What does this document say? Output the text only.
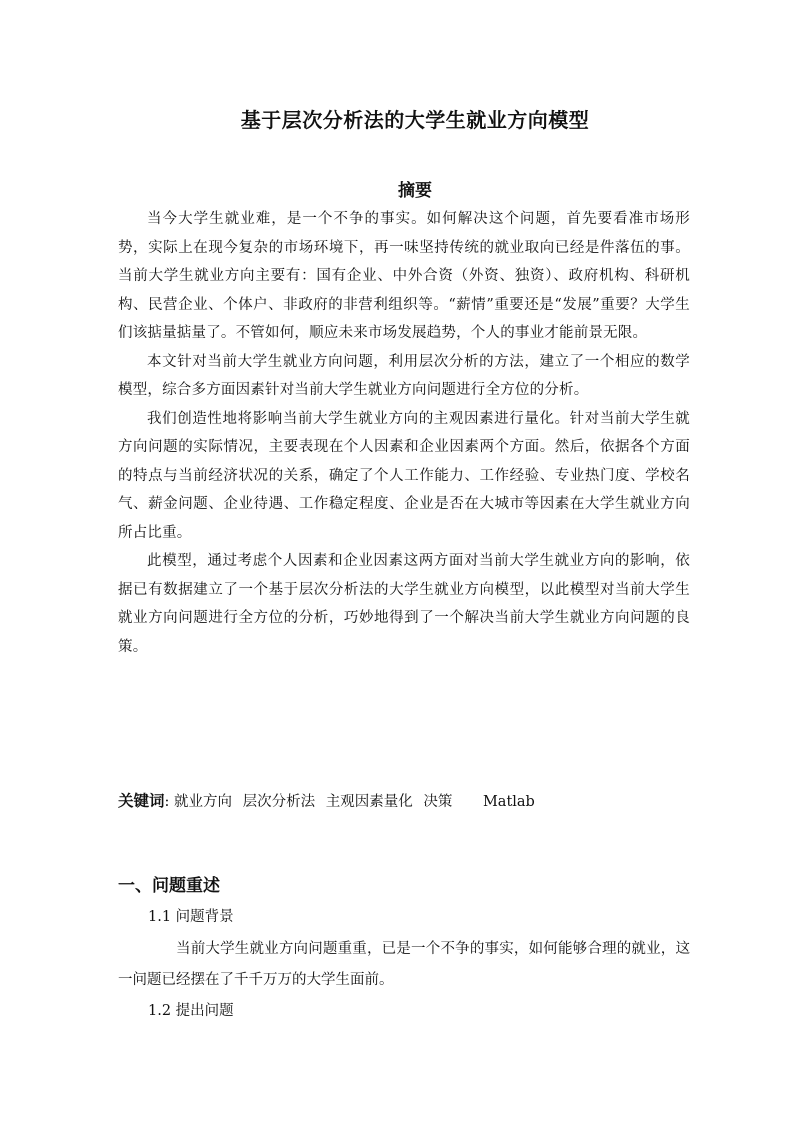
基于层次分析法的大学生就业方向模型
摘要

当今大学生就业难，是一个不争的事实。如何解决这个问题，首先要看准市场形势，实际上在现今复杂的市场环境下，再一味坚持传统的就业取向已经是件落伍的事。当前大学生就业方向主要有：国有企业、中外合资（外资、独资）、政府机构、科研机构、民营企业、个体户、非政府的非营利组织等。“薪情”重要还是“发展”重要？大学生们该掂量掂量了。不管如何，顺应未来市场发展趋势，个人的事业才能前景无限。

本文针对当前大学生就业方向问题，利用层次分析的方法，建立了一个相应的数学模型，综合多方面因素针对当前大学生就业方向问题进行全方位的分析。

我们创造性地将影响当前大学生就业方向的主观因素进行量化。针对当前大学生就方向问题的实际情况，主要表现在个人因素和企业因素两个方面。然后，依据各个方面的特点与当前经济状况的关系，确定了个人工作能力、工作经验、专业热门度、学校名气、薪金问题、企业待遇、工作稳定程度、企业是否在大城市等因素在大学生就业方向所占比重。

此模型，通过考虑个人因素和企业因素这两方面对当前大学生就业方向的影响，依据已有数据建立了一个基于层次分析法的大学生就业方向模型，以此模型对当前大学生就业方向问题进行全方位的分析，巧妙地得到了一个解决当前大学生就业方向问题的良策。

关键词: 就业方向 层次分析法 主观因素量化 决策 Matlab
一、问题重述
1.1 问题背景

当前大学生就业方向问题重重，已是一个不争的事实，如何能够合理的就业，这一问题已经摆在了千千万万的大学生面前。

1.2 提出问题
